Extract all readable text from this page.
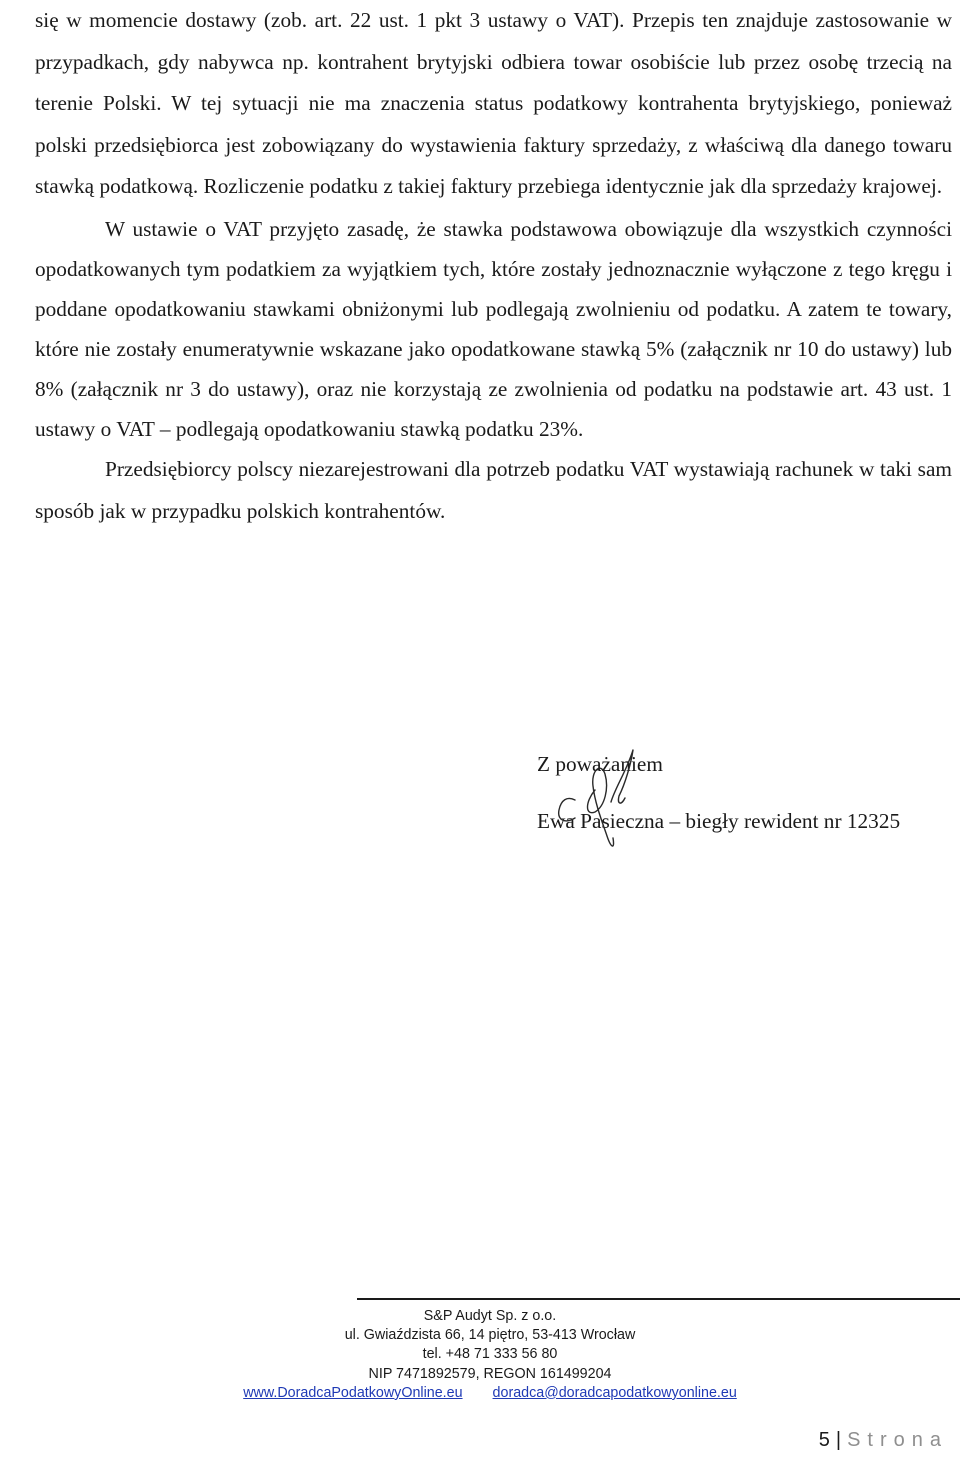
się w momencie dostawy (zob. art. 22 ust. 1 pkt 3 ustawy o VAT). Przepis ten znajduje zastosowanie w przypadkach, gdy nabywca np. kontrahent brytyjski odbiera towar osobiście lub przez osobę trzecią na terenie Polski. W tej sytuacji nie ma znaczenia status podatkowy kontrahenta brytyjskiego, ponieważ polski przedsiębiorca jest zobowiązany do wystawienia faktury sprzedaży, z właściwą dla danego towaru stawką podatkową. Rozliczenie podatku z takiej faktury przebiega identycznie jak dla sprzedaży krajowej.

W ustawie o VAT przyjęto zasadę, że stawka podstawowa obowiązuje dla wszystkich czynności opodatkowanych tym podatkiem za wyjątkiem tych, które zostały jednoznacznie wyłączone z tego kręgu i poddane opodatkowaniu stawkami obniżonymi lub podlegają zwolnieniu od podatku. A zatem te towary, które nie zostały enumeratywnie wskazane jako opodatkowane stawką 5% (załącznik nr 10 do ustawy) lub 8% (załącznik nr 3 do ustawy), oraz nie korzystają ze zwolnienia od podatku na podstawie art. 43 ust. 1 ustawy o VAT – podlegają opodatkowaniu stawką podatku 23%.

Przedsiębiorcy polscy niezarejestrowani dla potrzeb podatku VAT wystawiają rachunek w taki sam sposób jak w przypadku polskich kontrahentów.

Z poważaniem
Ewa Pasieczna – biegły rewident nr 12325
S&P Audyt Sp. z o.o.
ul. Gwiaździsta 66, 14 piętro, 53-413 Wrocław
tel. +48 71 333 56 80
NIP 7471892579, REGON 161499204
www.DoradcaPodatkowyOnline.eu doradca@doradcapodatkowyonline.eu
5 | Strona
